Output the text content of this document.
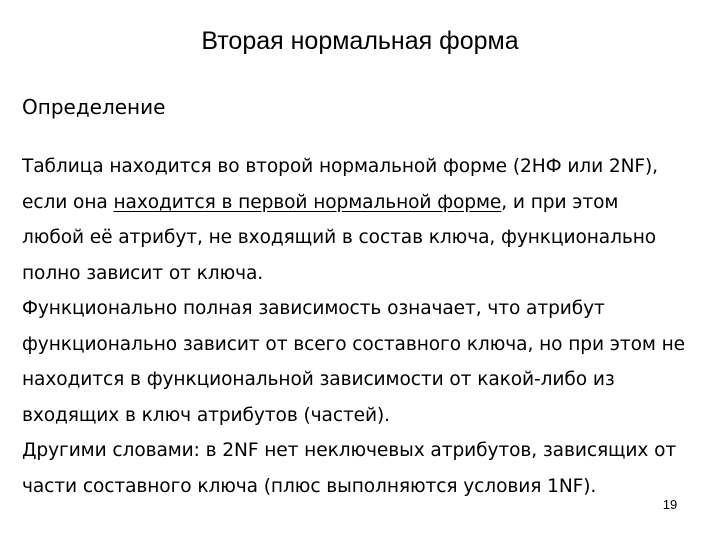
Вторая нормальная форма
Определение
Таблица находится во второй нормальной форме (2НФ или 2NF),
если она находится в первой нормальной форме, и при этом
любой её атрибут, не входящий в состав ключа, функционально
полно зависит от ключа.
Функционально полная зависимость означает, что атрибут
функционально зависит от всего составного ключа, но при этом не
находится в функциональной зависимости от какой-либо из
входящих в ключ атрибутов (частей).
Другими словами: в 2NF нет неключевых атрибутов, зависящих от
части составного ключа (плюс выполняются условия 1NF).
19
